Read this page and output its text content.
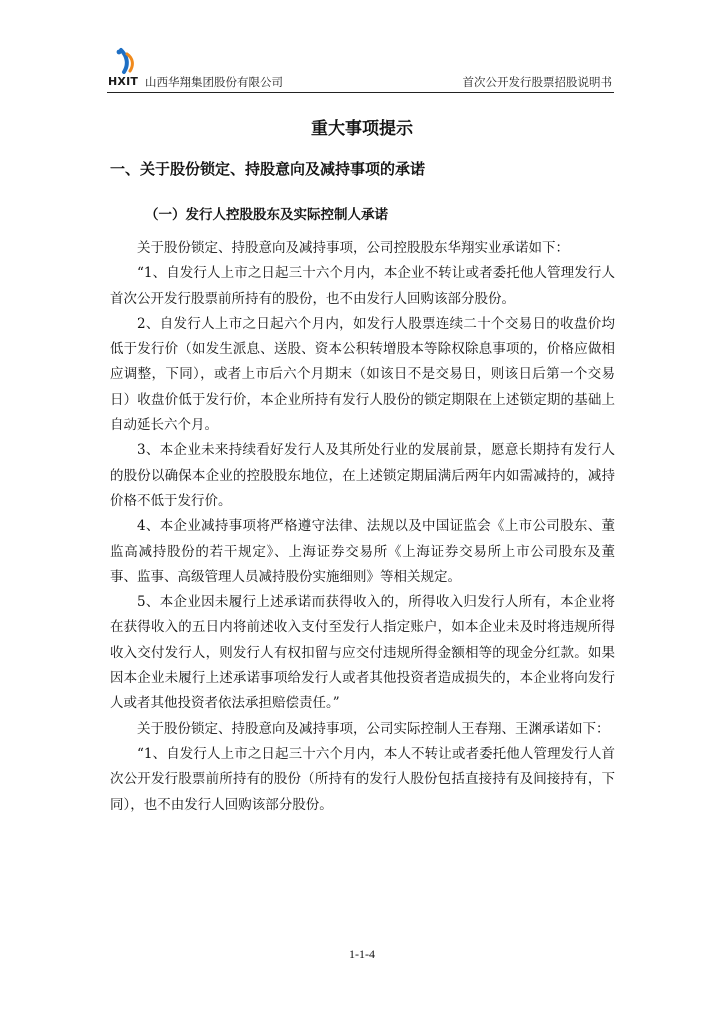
HXIT 山西华翔集团股份有限公司	首次公开发行股票招股说明书
重大事项提示
一、关于股份锁定、持股意向及减持事项的承诺
（一）发行人控股股东及实际控制人承诺

关于股份锁定、持股意向及减持事项，公司控股股东华翔实业承诺如下：

“1、自发行人上市之日起三十六个月内，本企业不转让或者委托他人管理发行人首次公开发行股票前所持有的股份，也不由发行人回购该部分股份。

2、自发行人上市之日起六个月内，如发行人股票连续二十个交易日的收盘价均低于发行价（如发生派息、送股、资本公积转增股本等除权除息事项的，价格应做相应调整，下同），或者上市后六个月期末（如该日不是交易日，则该日后第一个交易日）收盘价低于发行价，本企业所持有发行人股份的锁定期限在上述锁定期的基础上自动延长六个月。

3、本企业未来持续看好发行人及其所处行业的发展前景，愿意长期持有发行人的股份以确保本企业的控股股东地位，在上述锁定期届满后两年内如需减持的，减持价格不低于发行价。

4、本企业减持事项将严格遵守法律、法规以及中国证监会《上市公司股东、董监高减持股份的若干规定》、上海证券交易所《上海证券交易所上市公司股东及董事、监事、高级管理人员减持股份实施细则》等相关规定。

5、本企业因未履行上述承诺而获得收入的，所得收入归发行人所有，本企业将在获得收入的五日内将前述收入支付至发行人指定账户，如本企业未及时将违规所得收入交付发行人，则发行人有权扣留与应交付违规所得金额相等的现金分红款。如果因本企业未履行上述承诺事项给发行人或者其他投资者造成损失的，本企业将向发行人或者其他投资者依法承担赔偿责任。”

关于股份锁定、持股意向及减持事项，公司实际控制人王春翔、王渊承诺如下：

“1、自发行人上市之日起三十六个月内，本人不转让或者委托他人管理发行人首次公开发行股票前所持有的股份（所持有的发行人股份包括直接持有及间接持有，下同），也不由发行人回购该部分股份。

1-1-4
